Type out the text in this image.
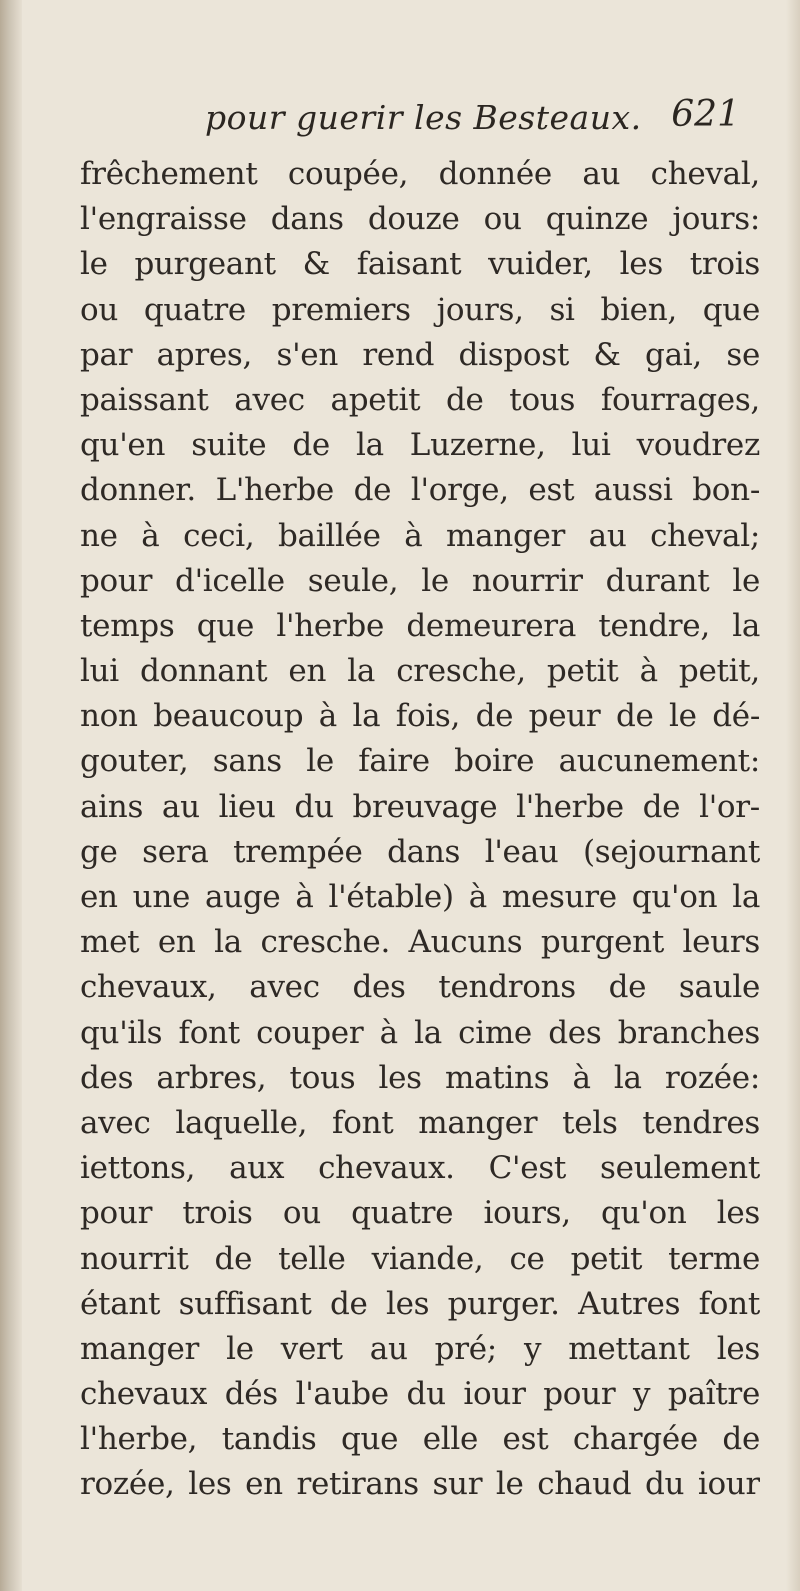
pour guerir les Besteaux. 621
frêchement coupée, donnée au cheval,
l'engraisse dans douze ou quinze jours:
le purgeant & faisant vuider, les trois
ou quatre premiers jours, si bien, que
par apres, s'en rend dispost & gai, se
paissant avec apetit de tous fourrages,
qu'en suite de la Luzerne, lui voudrez
donner. L'herbe de l'orge, est aussi bon-
ne à ceci, baillée à manger au cheval;
pour d'icelle seule, le nourrir durant le
temps que l'herbe demeurera tendre, la
lui donnant en la cresche, petit à petit,
non beaucoup à la fois, de peur de le dé-
gouter, sans le faire boire aucunement:
ains au lieu du breuvage l'herbe de l'or-
ge sera trempée dans l'eau (sejournant
en une auge à l'étable) à mesure qu'on la
met en la cresche. Aucuns purgent leurs
chevaux, avec des tendrons de saule
qu'ils font couper à la cime des branches
des arbres, tous les matins à la rozée:
avec laquelle, font manger tels tendres
iettons, aux chevaux. C'est seulement
pour trois ou quatre iours, qu'on les
nourrit de telle viande, ce petit terme
étant suffisant de les purger. Autres font
manger le vert au pré; y mettant les
chevaux dés l'aube du iour pour y paître
l'herbe, tandis que elle est chargée de
rozée, les en retirans sur le chaud du iour
